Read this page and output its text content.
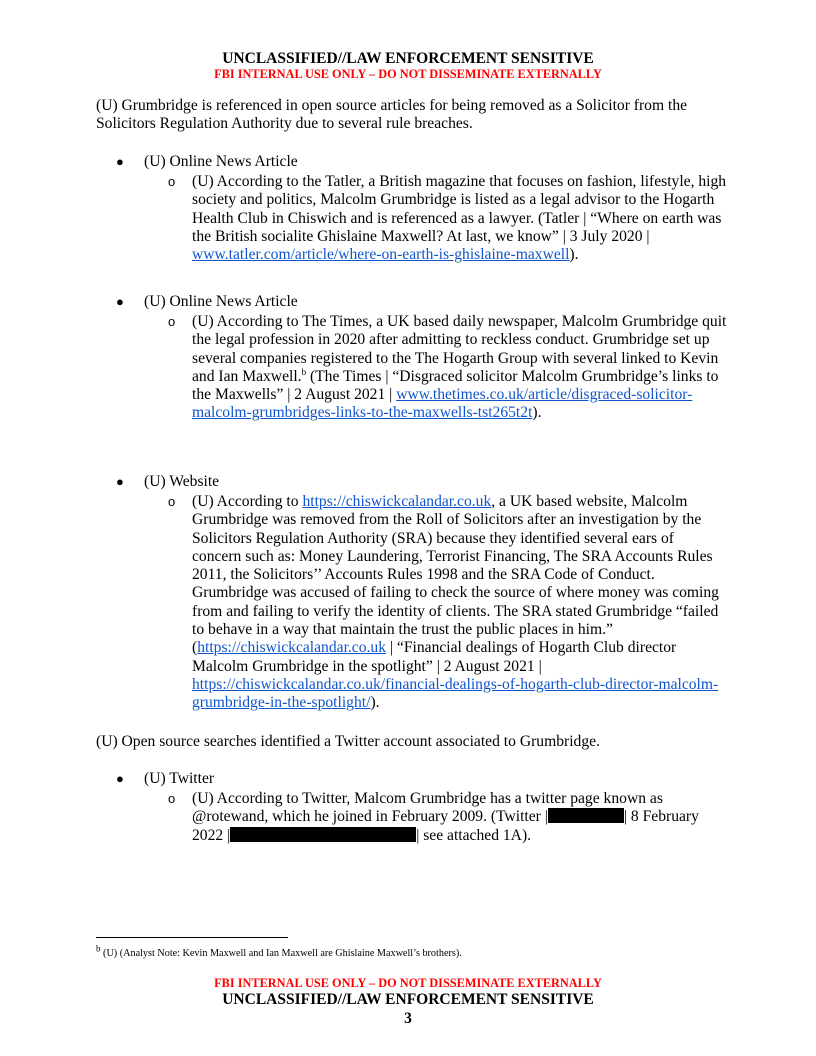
UNCLASSIFIED//LAW ENFORCEMENT SENSITIVE
FBI INTERNAL USE ONLY – DO NOT DISSEMINATE EXTERNALLY
(U) Grumbridge is referenced in open source articles for being removed as a Solicitor from the Solicitors Regulation Authority due to several rule breaches.
● (U) Online News Article
o (U) According to the Tatler, a British magazine that focuses on fashion, lifestyle, high society and politics, Malcolm Grumbridge is listed as a legal advisor to the Hogarth Health Club in Chiswich and is referenced as a lawyer. (Tatler | “Where on earth was the British socialite Ghislaine Maxwell? At last, we know” | 3 July 2020 | www.tatler.com/article/where-on-earth-is-ghislaine-maxwell).
● (U) Online News Article
o (U) According to The Times, a UK based daily newspaper, Malcolm Grumbridge quit the legal profession in 2020 after admitting to reckless conduct. Grumbridge set up several companies registered to the The Hogarth Group with several linked to Kevin and Ian Maxwell.$^b$ (The Times | “Disgraced solicitor Malcolm Grumbridge’s links to the Maxwells” | 2 August 2021 | www.thetimes.co.uk/article/disgraced-solicitor-malcolm-grumbridges-links-to-the-maxwells-tst265t2t).
● (U) Website
o (U) According to https://chiswickcalandar.co.uk, a UK based website, Malcolm Grumbridge was removed from the Roll of Solicitors after an investigation by the Solicitors Regulation Authority (SRA) because they identified several ears of concern such as: Money Laundering, Terrorist Financing, The SRA Accounts Rules 2011, the Solicitors’’ Accounts Rules 1998 and the SRA Code of Conduct. Grumbridge was accused of failing to check the source of where money was coming from and failing to verify the identity of clients. The SRA stated Grumbridge “failed to behave in a way that maintain the trust the public places in him.” (https://chiswickcalandar.co.uk | “Financial dealings of Hogarth Club director Malcolm Grumbridge in the spotlight” | 2 August 2021 | https://chiswickcalandar.co.uk/financial-dealings-of-hogarth-club-director-malcolm-grumbridge-in-the-spotlight/).
(U) Open source searches identified a Twitter account associated to Grumbridge.
● (U) Twitter
o (U) According to Twitter, Malcom Grumbridge has a twitter page known as
@rotewand, which he joined in February 2009. (Twitter |	| 8 February
2022 |	| see attached 1A).
$^b$ (U) (Analyst Note: Kevin Maxwell and Ian Maxwell are Ghislaine Maxwell’s brothers).
FBI INTERNAL USE ONLY – DO NOT DISSEMINATE EXTERNALLY
UNCLASSIFIED//LAW ENFORCEMENT SENSITIVE
3
